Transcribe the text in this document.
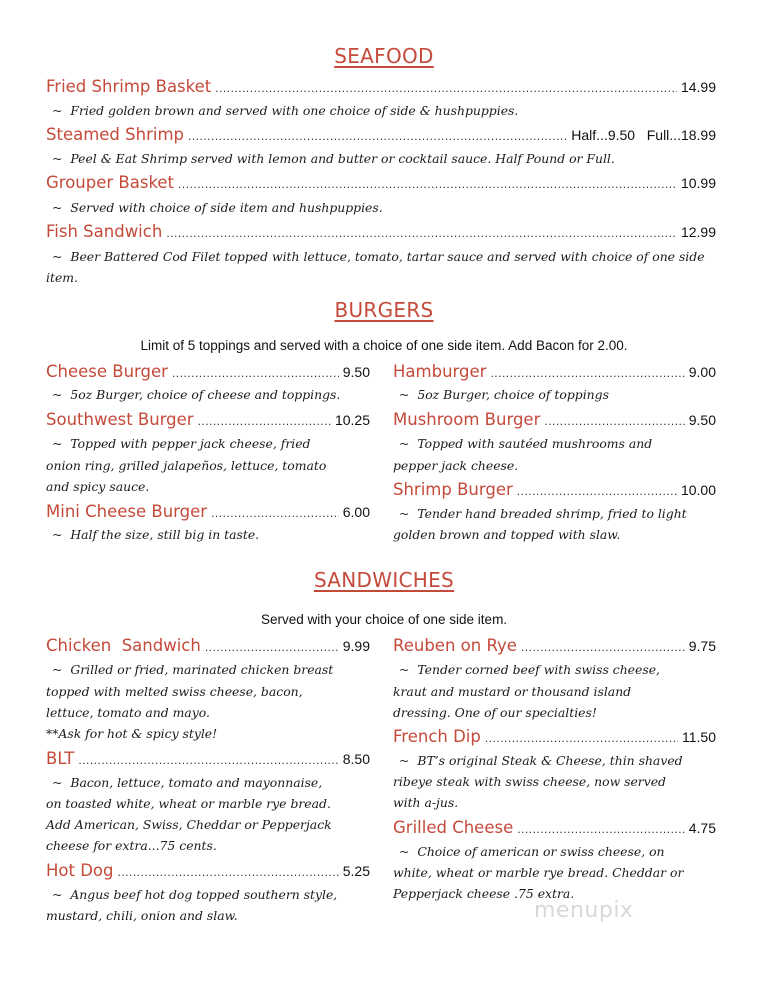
SEAFOOD
Fried Shrimp Basket .....	14.99
~ Fried golden brown and served with one choice of side & hushpuppies.
Steamed Shrimp .....	Half...9.50   Full...18.99
~ Peel & Eat Shrimp served with lemon and butter or cocktail sauce. Half Pound or Full.
Grouper Basket .....	10.99
~ Served with choice of side item and hushpuppies.
Fish Sandwich .....	12.99
~ Beer Battered Cod Filet topped with lettuce, tomato, tartar sauce and served with choice of one side
item.
BURGERS
Limit of 5 toppings and served with a choice of one side item. Add Bacon for 2.00.
Cheese Burger .....	9.50
~ 5oz Burger, choice of cheese and toppings.
Southwest Burger .....	10.25
~ Topped with pepper jack cheese, fried
onion ring, grilled jalapeños, lettuce, tomato
and spicy sauce.
Mini Cheese Burger .....	6.00
~ Half the size, still big in taste.
Hamburger .....	9.00
~ 5oz Burger, choice of toppings
Mushroom Burger .....	9.50
~ Topped with sautéed mushrooms and
pepper jack cheese.
Shrimp Burger .....	10.00
~ Tender hand breaded shrimp, fried to light
golden brown and topped with slaw.
SANDWICHES
Served with your choice of one side item.
Chicken  Sandwich .....	9.99
~ Grilled or fried, marinated chicken breast
topped with melted swiss cheese, bacon,
lettuce, tomato and mayo.
**Ask for hot & spicy style!
BLT .....	8.50
~ Bacon, lettuce, tomato and mayonnaise,
on toasted white, wheat or marble rye bread.
Add American, Swiss, Cheddar or Pepperjack
cheese for extra...75 cents.
Hot Dog .....	5.25
~ Angus beef hot dog topped southern style,
mustard, chili, onion and slaw.
Reuben on Rye .....	9.75
~ Tender corned beef with swiss cheese,
kraut and mustard or thousand island
dressing. One of our specialties!
French Dip .....	11.50
~ BT’s original Steak & Cheese, thin shaved
ribeye steak with swiss cheese, now served
with a-jus.
Grilled Cheese .....	4.75
~ Choice of american or swiss cheese, on
white, wheat or marble rye bread. Cheddar or
Pepperjack cheese .75 extra.
menupix
